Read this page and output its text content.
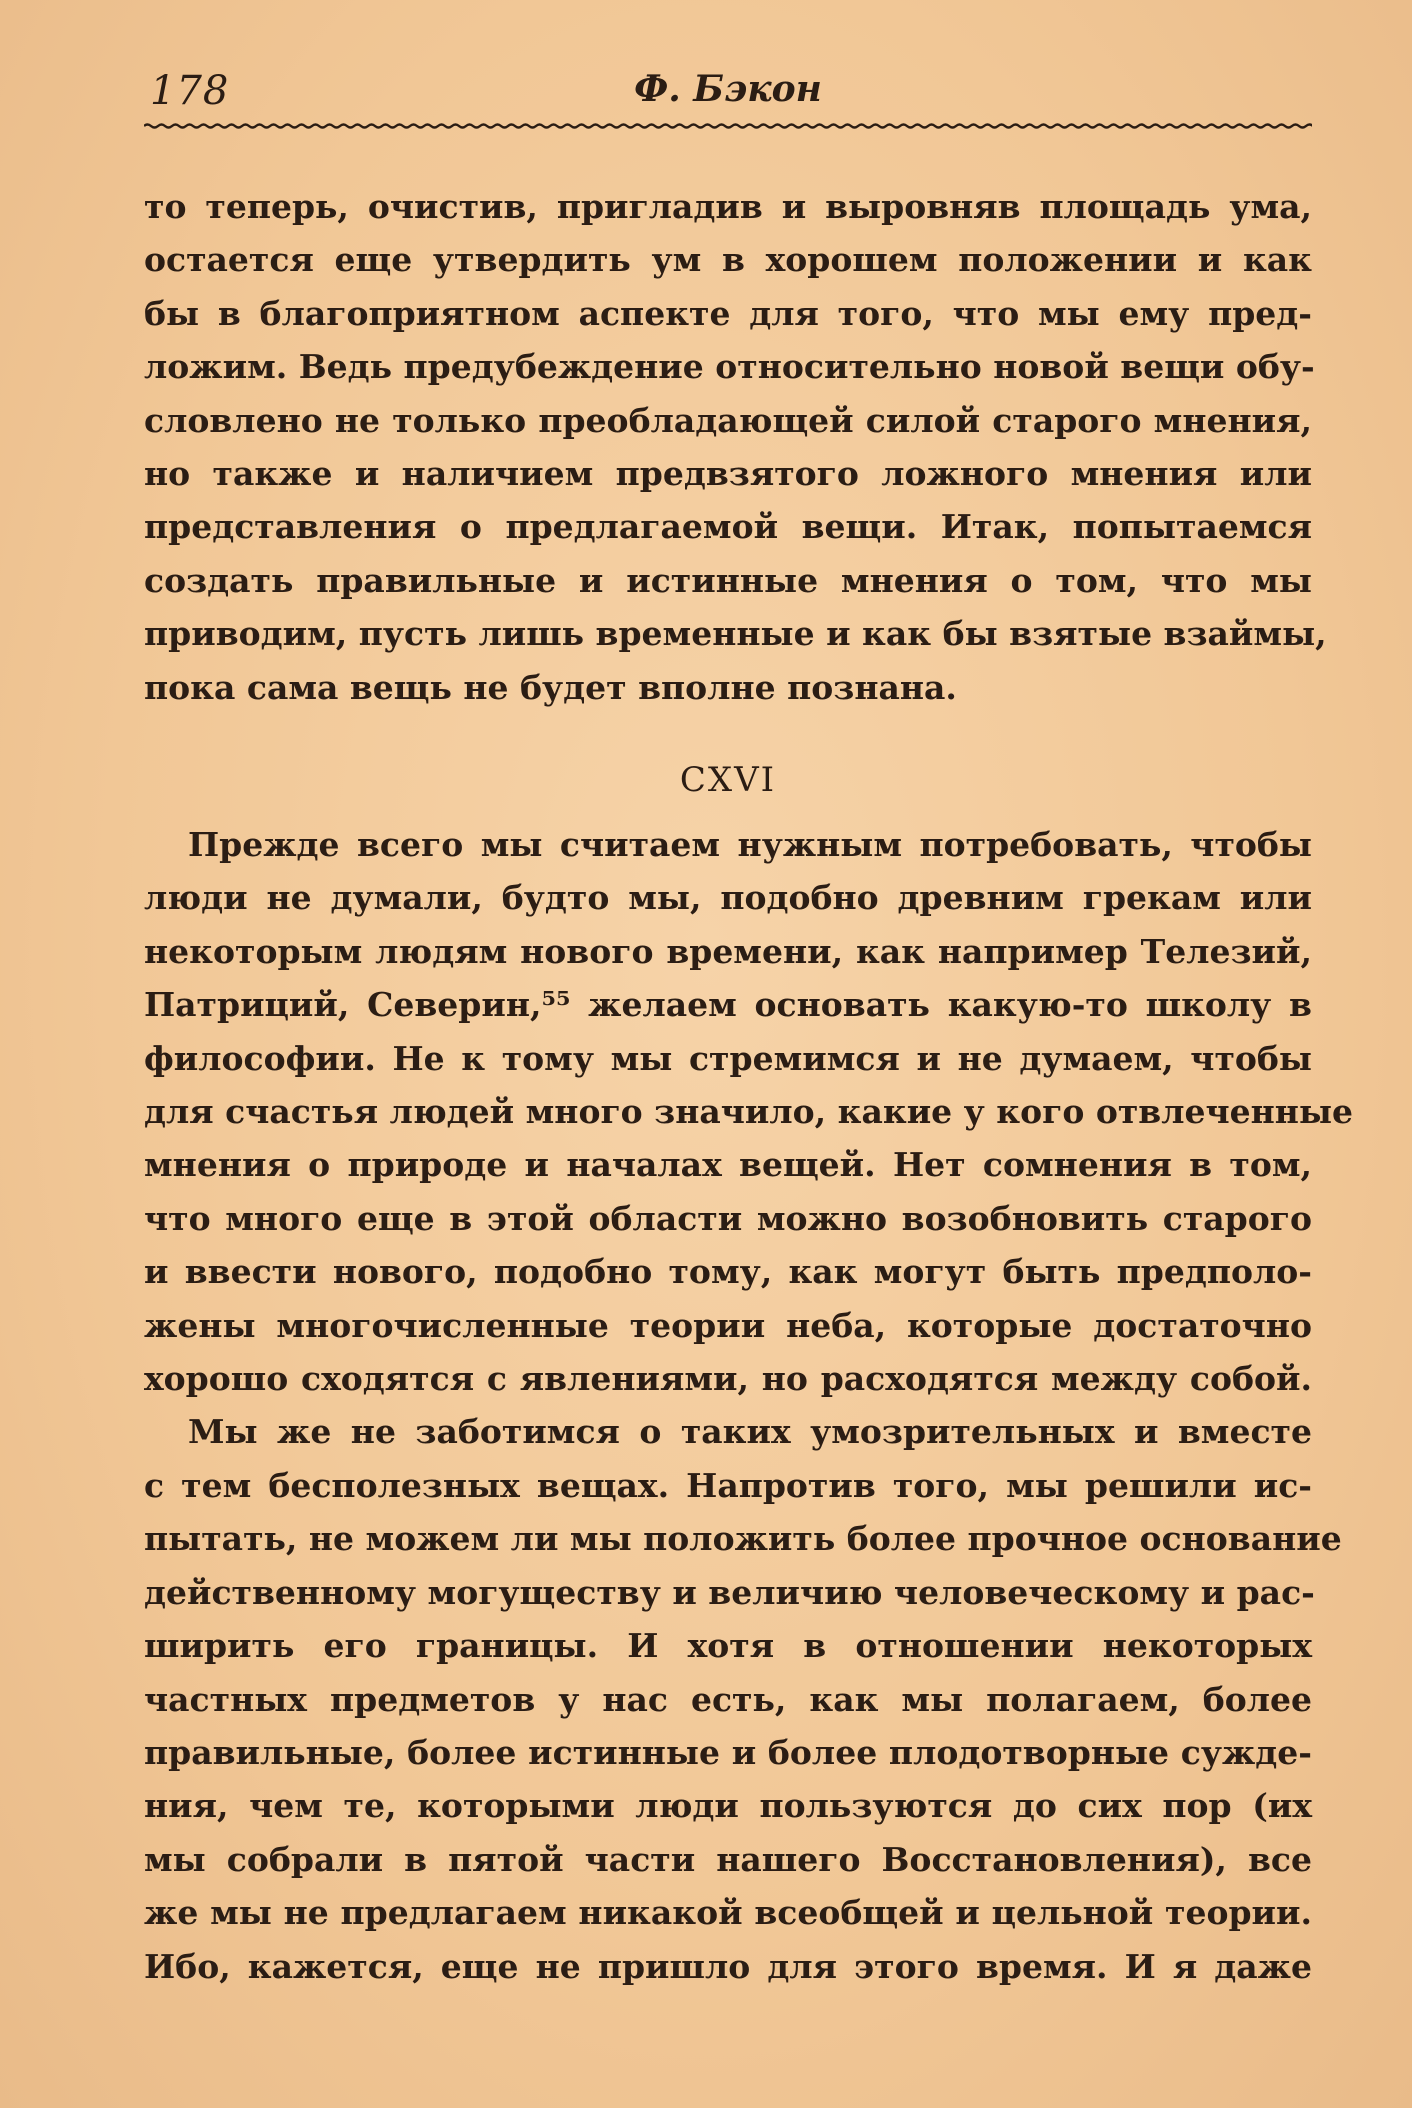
178	Ф. Бэкон
то теперь, очистив, пригладив и выровняв площадь ума,
остается еще утвердить ум в хорошем положении и как
бы в благоприятном аспекте для того, что мы ему пред-
ложим. Ведь предубеждение относительно новой вещи обу-
словлено не только преобладающей силой старого мнения,
но также и наличием предвзятого ложного мнения или
представления о предлагаемой вещи. Итак, попытаемся
создать правильные и истинные мнения о том, что мы
приводим, пусть лишь временные и как бы взятые взаймы,
пока сама вещь не будет вполне познана.
CXVI
Прежде всего мы считаем нужным потребовать, чтобы
люди не думали, будто мы, подобно древним грекам или
некоторым людям нового времени, как например Телезий,
Патриций, Северин,⁵⁵ желаем основать какую-то школу в
философии. Не к тому мы стремимся и не думаем, чтобы
для счастья людей много значило, какие у кого отвлеченные
мнения о природе и началах вещей. Нет сомнения в том,
что много еще в этой области можно возобновить старого
и ввести нового, подобно тому, как могут быть предполо-
жены многочисленные теории неба, которые достаточно
хорошо сходятся с явлениями, но расходятся между собой.
Мы же не заботимся о таких умозрительных и вместе
с тем бесполезных вещах. Напротив того, мы решили ис-
пытать, не можем ли мы положить более прочное основание
действенному могуществу и величию человеческому и рас-
ширить его границы. И хотя в отношении некоторых
частных предметов у нас есть, как мы полагаем, более
правильные, более истинные и более плодотворные сужде-
ния, чем те, которыми люди пользуются до сих пор (их
мы собрали в пятой части нашего Восстановления), все
же мы не предлагаем никакой всеобщей и цельной теории.
Ибо, кажется, еще не пришло для этого время. И я даже
